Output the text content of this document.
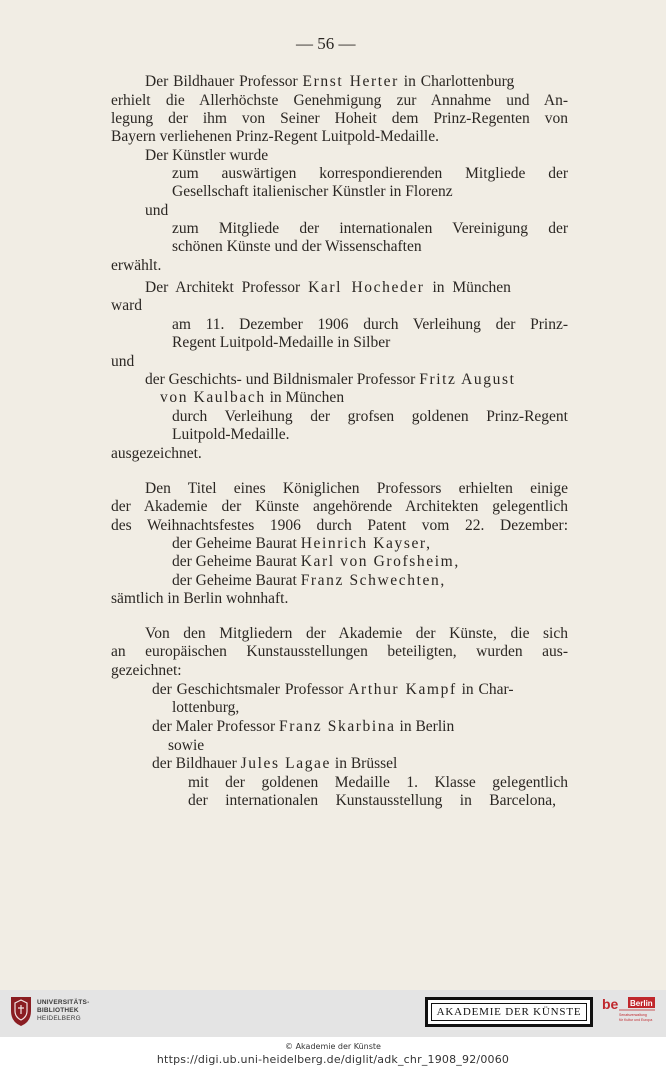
— 56 —
Der Bildhauer Professor Ernst Herter in Charlottenburg
erhielt die Allerhöchste Genehmigung zur Annahme und An-
legung der ihm von Seiner Hoheit dem Prinz-Regenten von
Bayern verliehenen Prinz-Regent Luitpold-Medaille.
Der Künstler wurde
zum auswärtigen korrespondierenden Mitgliede der
Gesellschaft italienischer Künstler in Florenz
und
zum Mitgliede der internationalen Vereinigung der
schönen Künste und der Wissenschaften
erwählt.
Der Architekt Professor Karl Hocheder in München
ward
am 11. Dezember 1906 durch Verleihung der Prinz-
Regent Luitpold-Medaille in Silber
und
der Geschichts- und Bildnismaler Professor Fritz August
von Kaulbach in München
durch Verleihung der grofsen goldenen Prinz-Regent
Luitpold-Medaille.
ausgezeichnet.
Den Titel eines Königlichen Professors erhielten einige
der Akademie der Künste angehörende Architekten gelegentlich
des Weihnachtsfestes 1906 durch Patent vom 22. Dezember:
der Geheime Baurat Heinrich Kayser,
der Geheime Baurat Karl von Grofsheim,
der Geheime Baurat Franz Schwechten,
sämtlich in Berlin wohnhaft.
Von den Mitgliedern der Akademie der Künste, die sich
an europäischen Kunstausstellungen beteiligten, wurden aus-
gezeichnet:
der Geschichtsmaler Professor Arthur Kampf in Char-
lottenburg,
der Maler Professor Franz Skarbina in Berlin
sowie
der Bildhauer Jules Lagae in Brüssel
mit der goldenen Medaille 1. Klasse gelegentlich
der internationalen Kunstausstellung in Barcelona,
UNIVERSITÄTS-
BIBLIOTHEK
HEIDELBERG
AKADEMIE DER KÜNSTE	be Berlin
Senatsverwaltung
für Kultur und Europa
© Akademie der Künste
https://digi.ub.uni-heidelberg.de/diglit/adk_chr_1908_92/0060
